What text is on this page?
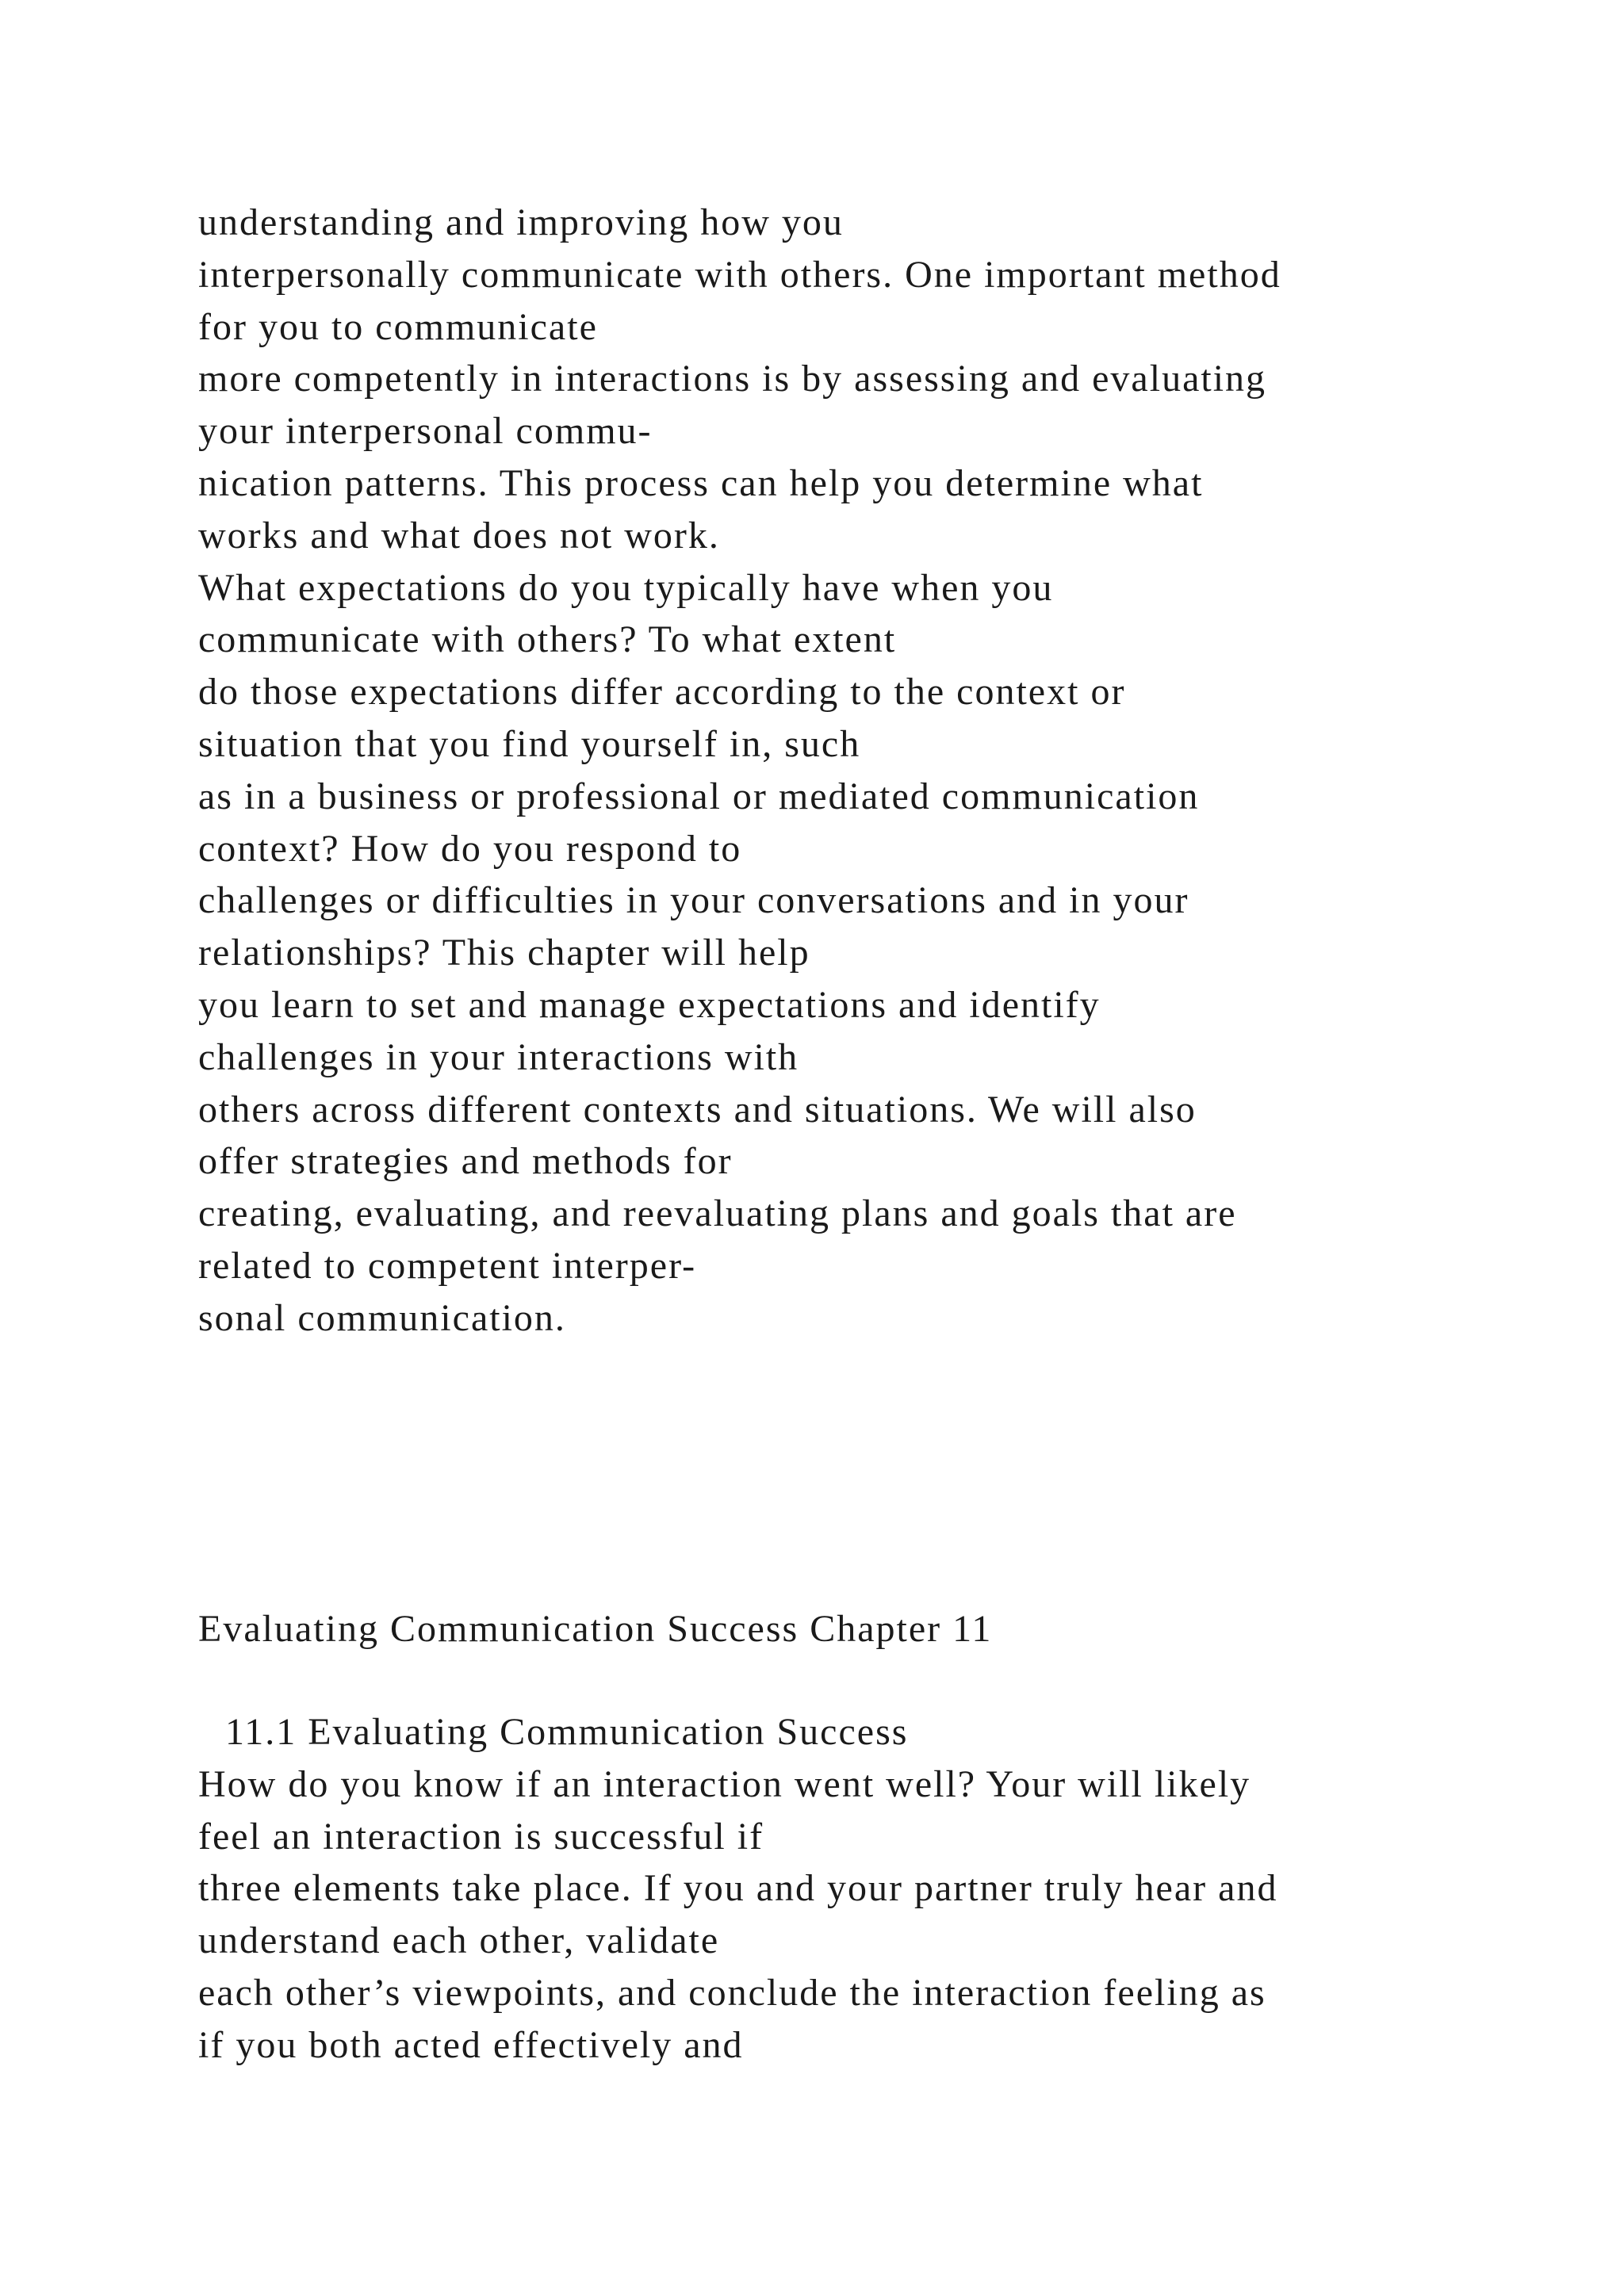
understanding and improving how you
interpersonally communicate with others. One important method
for you to communicate
more competently in interactions is by assessing and evaluating
your interpersonal commu-
nication patterns. This process can help you determine what
works and what does not work.
What expectations do you typically have when you
communicate with others? To what extent
do those expectations differ according to the context or
situation that you find yourself in, such
as in a business or professional or mediated communication
context? How do you respond to
challenges or difficulties in your conversations and in your
relationships? This chapter will help
you learn to set and manage expectations and identify
challenges in your interactions with
others across different contexts and situations. We will also
offer strategies and methods for
creating, evaluating, and reevaluating plans and goals that are
related to competent interper-
sonal communication.
Evaluating Communication Success Chapter 11
11.1 Evaluating Communication Success
How do you know if an interaction went well? Your will likely
feel an interaction is successful if
three elements take place. If you and your partner truly hear and
understand each other, validate
each other’s viewpoints, and conclude the interaction feeling as
if you both acted effectively and
